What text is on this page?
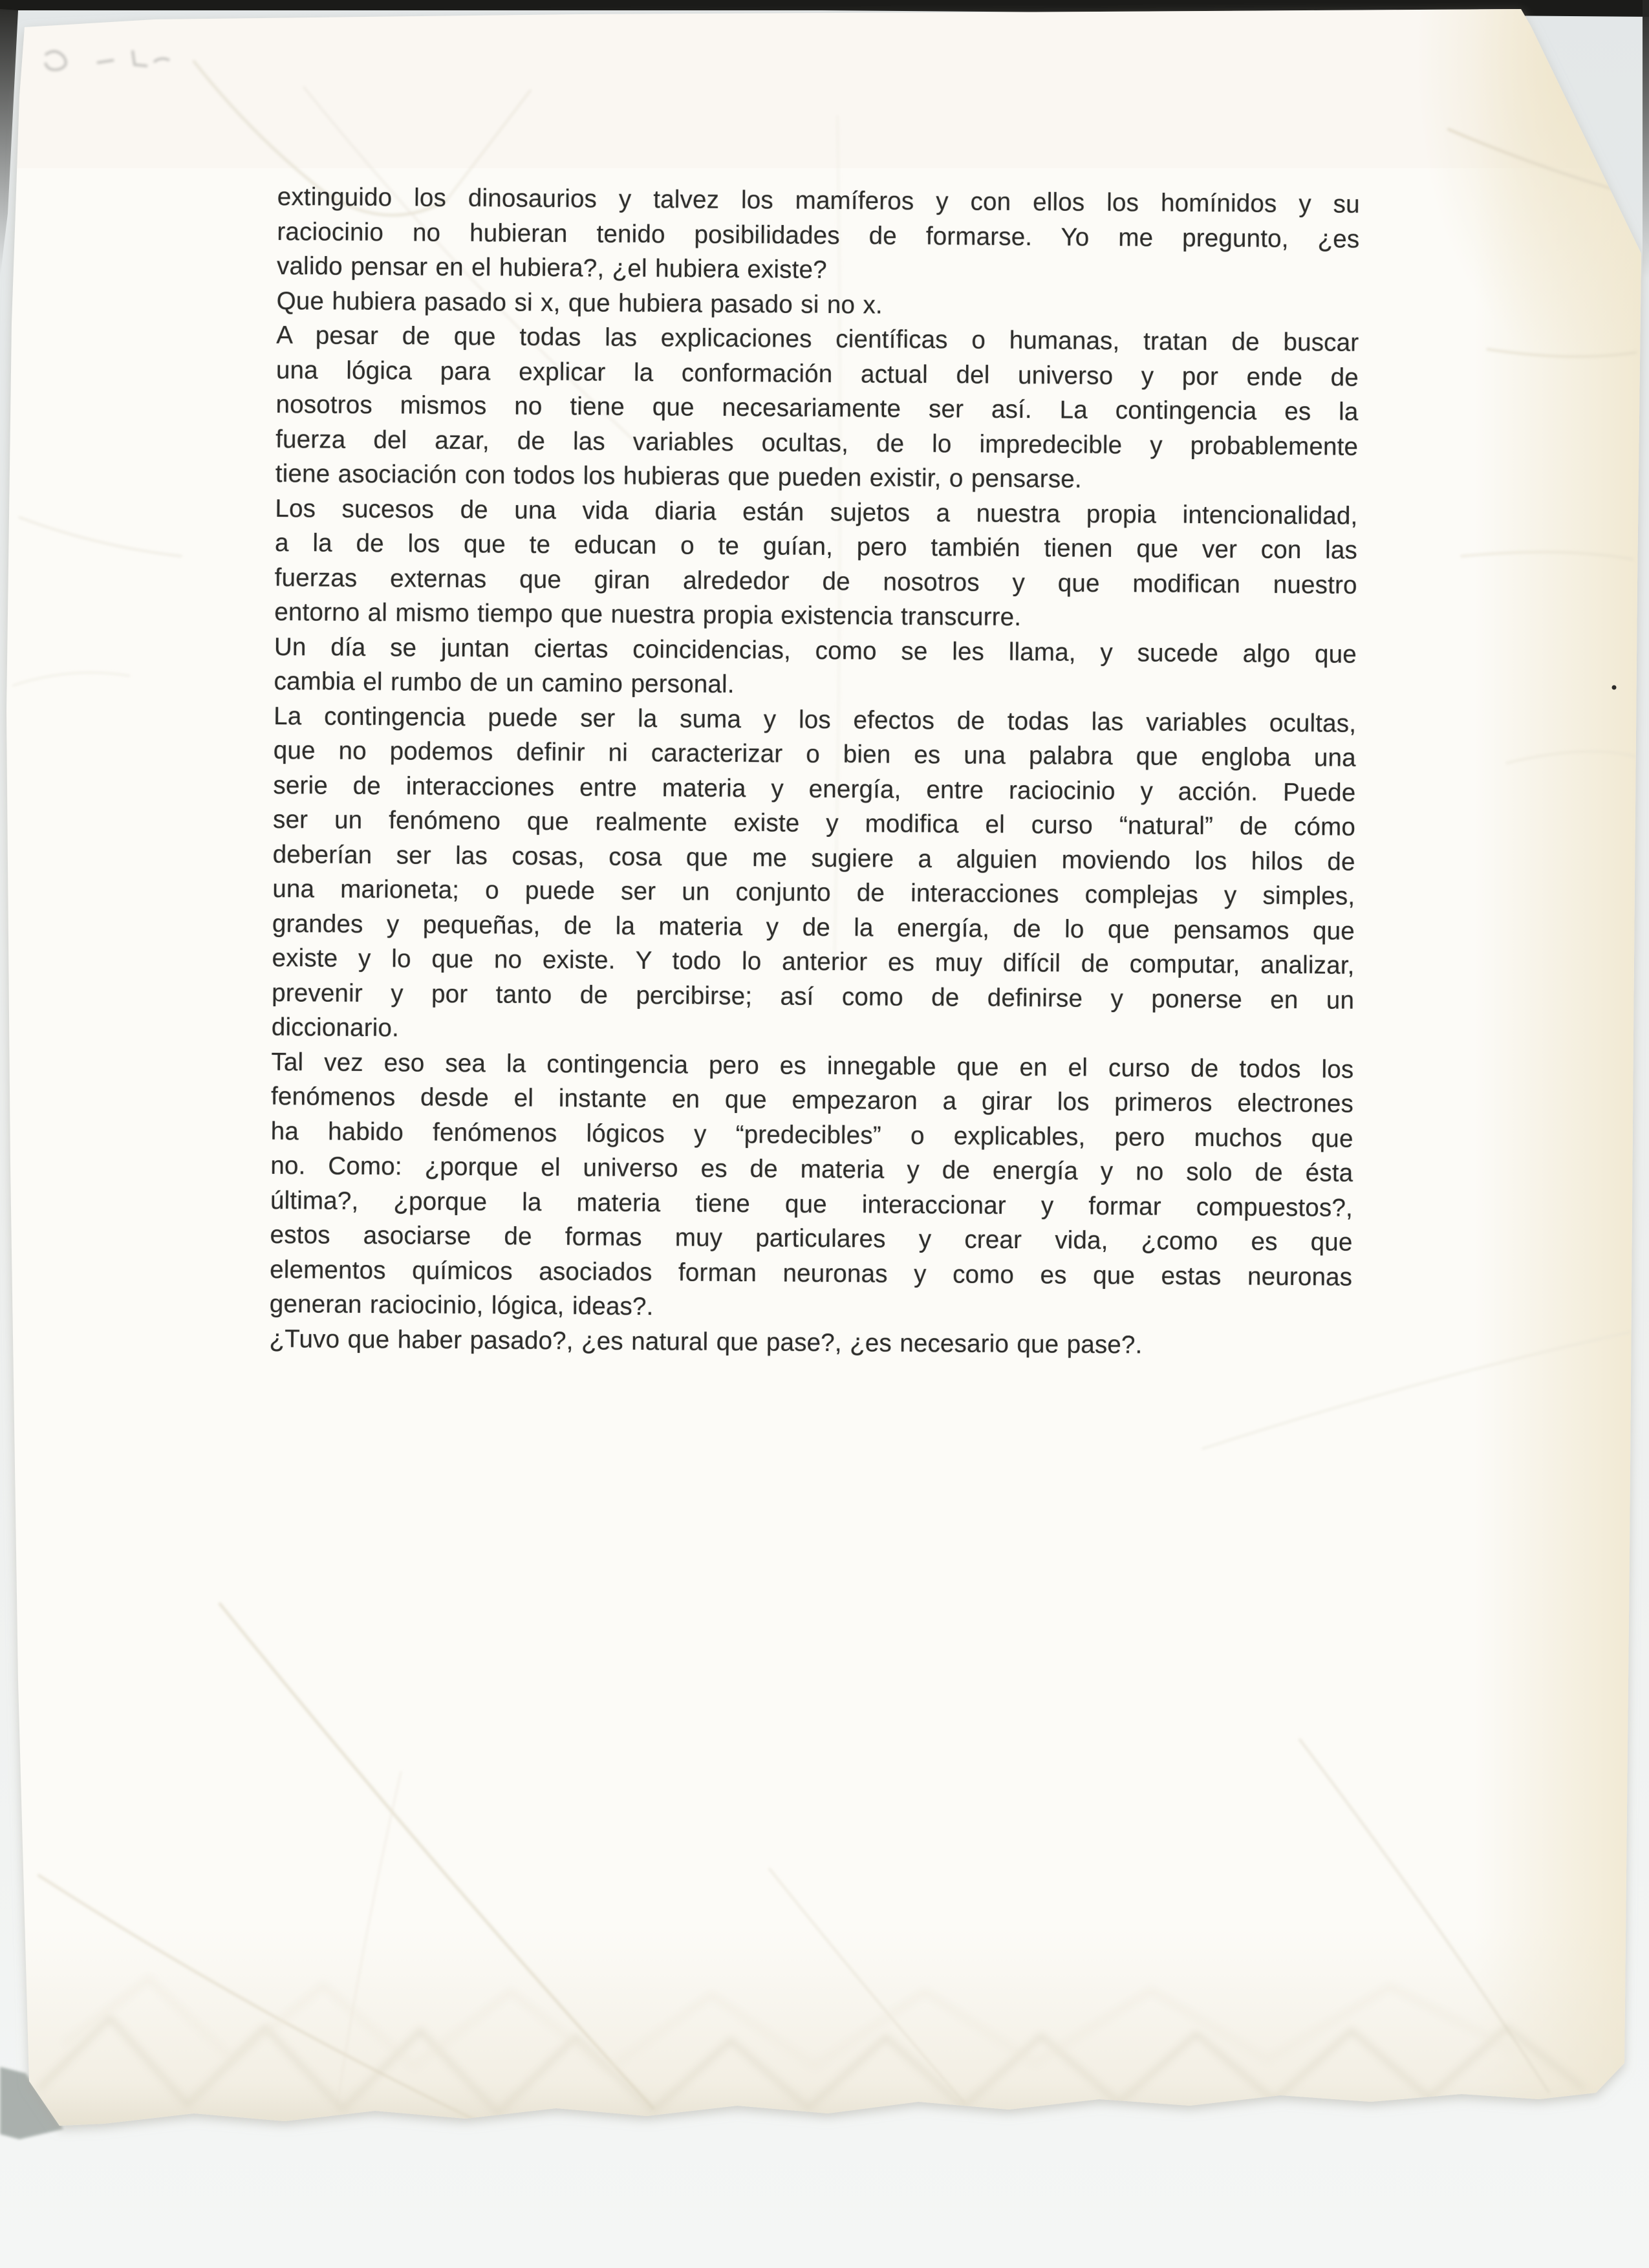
extinguido los dinosaurios y talvez los mamíferos y con ellos los homínidos y su
raciocinio no hubieran tenido posibilidades de formarse. Yo me pregunto, ¿es
valido pensar en el hubiera?, ¿el hubiera existe?
Que hubiera pasado si x, que hubiera pasado si no x.
A pesar de que todas las explicaciones científicas o humanas, tratan de buscar
una lógica para explicar la conformación actual del universo y por ende de
nosotros mismos no tiene que necesariamente ser así. La contingencia es la
fuerza del azar, de las variables ocultas, de lo impredecible y probablemente
tiene asociación con todos los hubieras que pueden existir, o pensarse.
Los sucesos de una vida diaria están sujetos a nuestra propia intencionalidad,
a la de los que te educan o te guían, pero también tienen que ver con las
fuerzas externas que giran alrededor de nosotros y que modifican nuestro
entorno al mismo tiempo que nuestra propia existencia transcurre.
Un día se juntan ciertas coincidencias, como se les llama, y sucede algo que
cambia el rumbo de un camino personal.
La contingencia puede ser la suma y los efectos de todas las variables ocultas,
que no podemos definir ni caracterizar o bien es una palabra que engloba una
serie de interacciones entre materia y energía, entre raciocinio y acción. Puede
ser un fenómeno que realmente existe y modifica el curso “natural” de cómo
deberían ser las cosas, cosa que me sugiere a alguien moviendo los hilos de
una marioneta; o puede ser un conjunto de interacciones complejas y simples,
grandes y pequeñas, de la materia y de la energía, de lo que pensamos que
existe y lo que no existe. Y todo lo anterior es muy difícil de computar, analizar,
prevenir y por tanto de percibirse; así como de definirse y ponerse en un
diccionario.
Tal vez eso sea la contingencia pero es innegable que en el curso de todos los
fenómenos desde el instante en que empezaron a girar los primeros electrones
ha habido fenómenos lógicos y “predecibles” o explicables, pero muchos que
no. Como: ¿porque el universo es de materia y de energía y no solo de ésta
última?, ¿porque la materia tiene que interaccionar y formar compuestos?,
estos asociarse de formas muy particulares y crear vida, ¿como es que
elementos químicos asociados forman neuronas y como es que estas neuronas
generan raciocinio, lógica, ideas?.
¿Tuvo que haber pasado?, ¿es natural que pase?, ¿es necesario que pase?.
